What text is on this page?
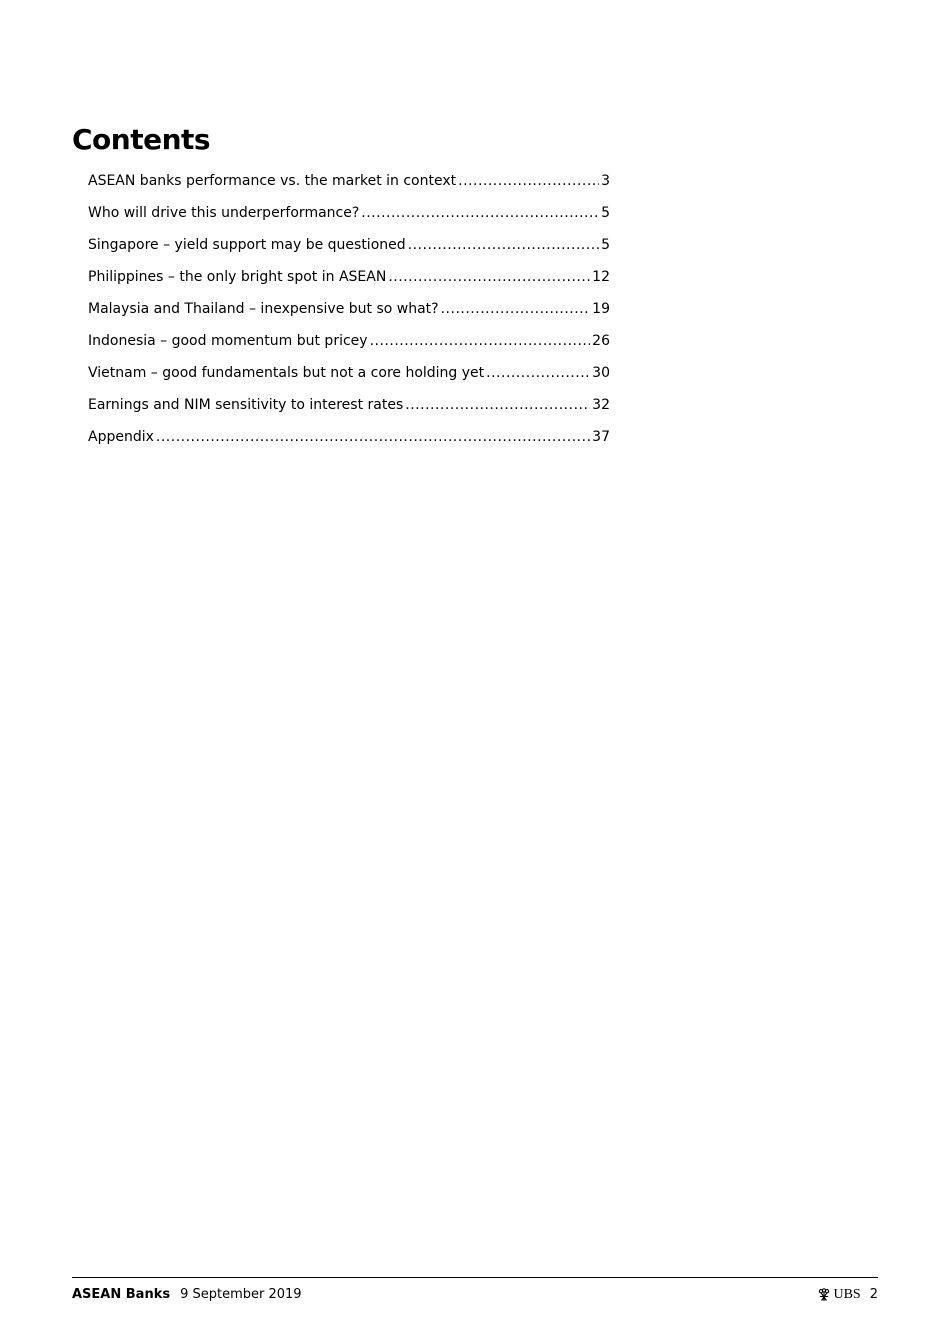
Contents
ASEAN banks performance vs. the market in context .....	3
Who will drive this underperformance? .....	5
Singapore – yield support may be questioned .....	5
Philippines – the only bright spot in ASEAN .....	12
Malaysia and Thailand – inexpensive but so what? .....	19
Indonesia – good momentum but pricey .....	26
Vietnam – good fundamentals but not a core holding yet .....	30
Earnings and NIM sensitivity to interest rates .....	32
Appendix .....	37
ASEAN Banks 9 September 2019	UBS 2
